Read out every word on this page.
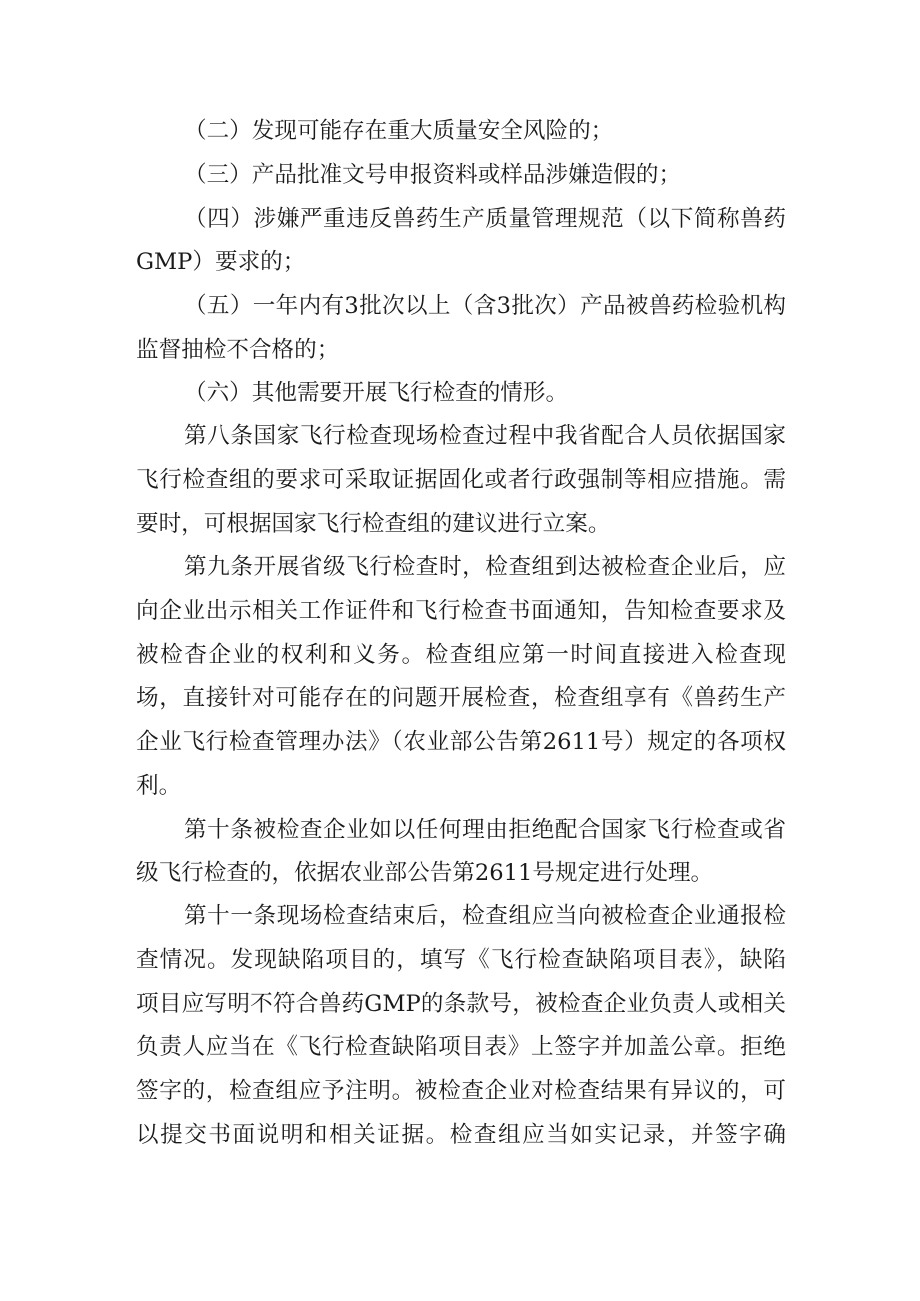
（二）发现可能存在重大质量安全风险的；
（三）产品批准文号申报资料或样品涉嫌造假的；
（四）涉嫌严重违反兽药生产质量管理规范（以下简称兽药
GMP）要求的；
（五）一年内有3批次以上（含3批次）产品被兽药检验机构
监督抽检不合格的；
（六）其他需要开展飞行检查的情形。
第八条国家飞行检查现场检查过程中我省配合人员依据国家
飞行检查组的要求可采取证据固化或者行政强制等相应措施。需
要时，可根据国家飞行检查组的建议进行立案。
第九条开展省级飞行检查时，检查组到达被检查企业后，应
向企业出示相关工作证件和飞行检查书面通知，告知检查要求及
被检杳企业的权利和义务。检查组应第一时间直接进入检查现
场，直接针对可能存在的问题开展检查，检查组享有《兽药生产
企业飞行检查管理办法》（农业部公告第2611号）规定的各项权
利。
第十条被检查企业如以任何理由拒绝配合国家飞行检查或省
级飞行检查的，依据农业部公告第2611号规定进行处理。
第十一条现场检查结束后，检查组应当向被检查企业通报检
查情况。发现缺陷项目的，填写《飞行检查缺陷项目表》，缺陷
项目应写明不符合兽药GMP的条款号，被检查企业负责人或相关
负责人应当在《飞行检查缺陷项目表》上签字并加盖公章。拒绝
签字的，检查组应予注明。被检查企业对检查结果有异议的，可
以提交书面说明和相关证据。检查组应当如实记录，并签字确
